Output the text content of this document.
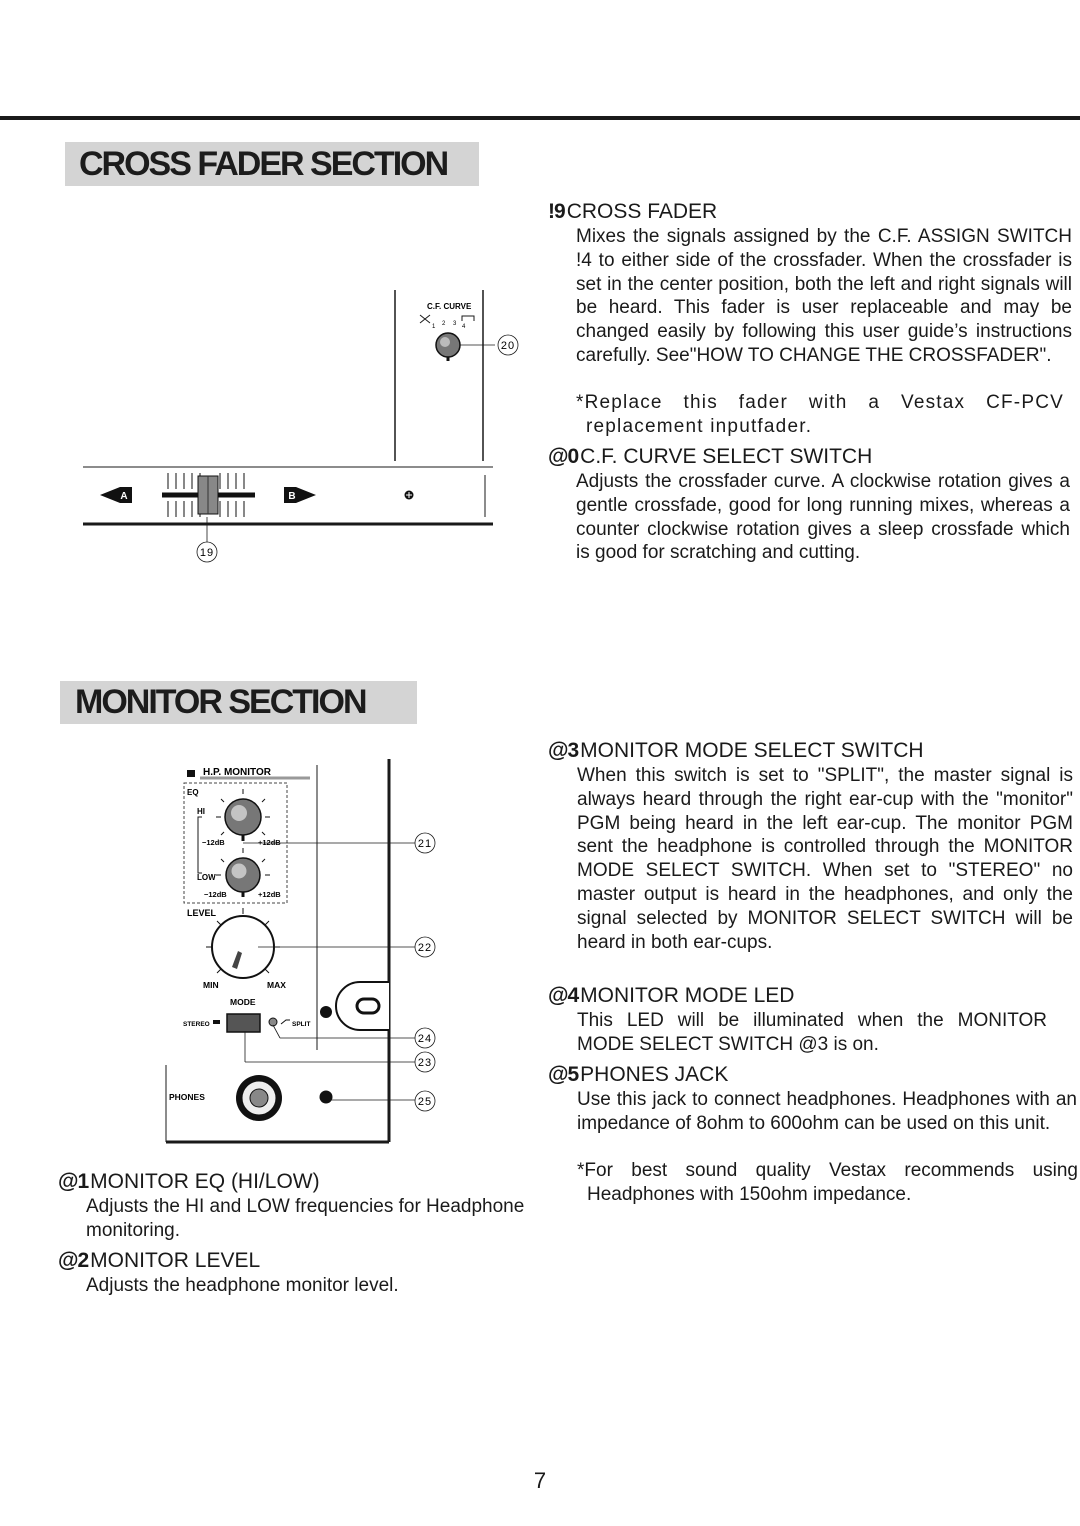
CROSS FADER SECTION
C.F. CURVE
1 2 3 4
20
A	B
19
!9CROSS FADER
Mixes the signals assigned by the C.F. ASSIGN SWITCH !4 to either side of the crossfader. When the crossfader is set in the center position, both the left and right signals will be heard. This fader is user replaceable and may be changed easily by following this user guide’s instructions carefully. See"HOW TO CHANGE THE CROSSFADER".
*Replace this fader with a Vestax CF-PCV replacement inputfader.
@0C.F. CURVE SELECT SWITCH
Adjusts the crossfader curve. A clockwise rotation gives a gentle crossfade, good for long running mixes, whereas a counter clockwise rotation gives a sleep crossfade which is good for scratching and cutting.
MONITOR SECTION
H.P. MONITOR
EQ
HI
−12dB	+12dB
LOW
−12dB	+12dB
LEVEL
MIN	MAX
MODE
STEREO	SPLIT
PHONES
21
22
24
23
25
@3MONITOR MODE SELECT SWITCH
When this switch is set to "SPLIT", the master signal is always heard through the right ear-cup with the "monitor" PGM being heard in the left ear-cup. The monitor PGM sent the headphone is controlled through the MONITOR MODE SELECT SWITCH. When set to "STEREO" no master output is heard in the headphones, and only the signal selected by MONITOR SELECT SWITCH will be heard in both ear-cups.
@4MONITOR MODE LED
This LED will be illuminated when the MONITOR MODE SELECT SWITCH @3 is on.
@5PHONES JACK
Use this jack to connect headphones. Headphones with an impedance of 8ohm to 600ohm can be used on this unit.
*For best sound quality Vestax recommends using Headphones with 150ohm impedance.
@1MONITOR EQ (HI/LOW)
Adjusts the HI and LOW frequencies for Headphone monitoring.
@2MONITOR LEVEL
Adjusts the headphone monitor level.
7
